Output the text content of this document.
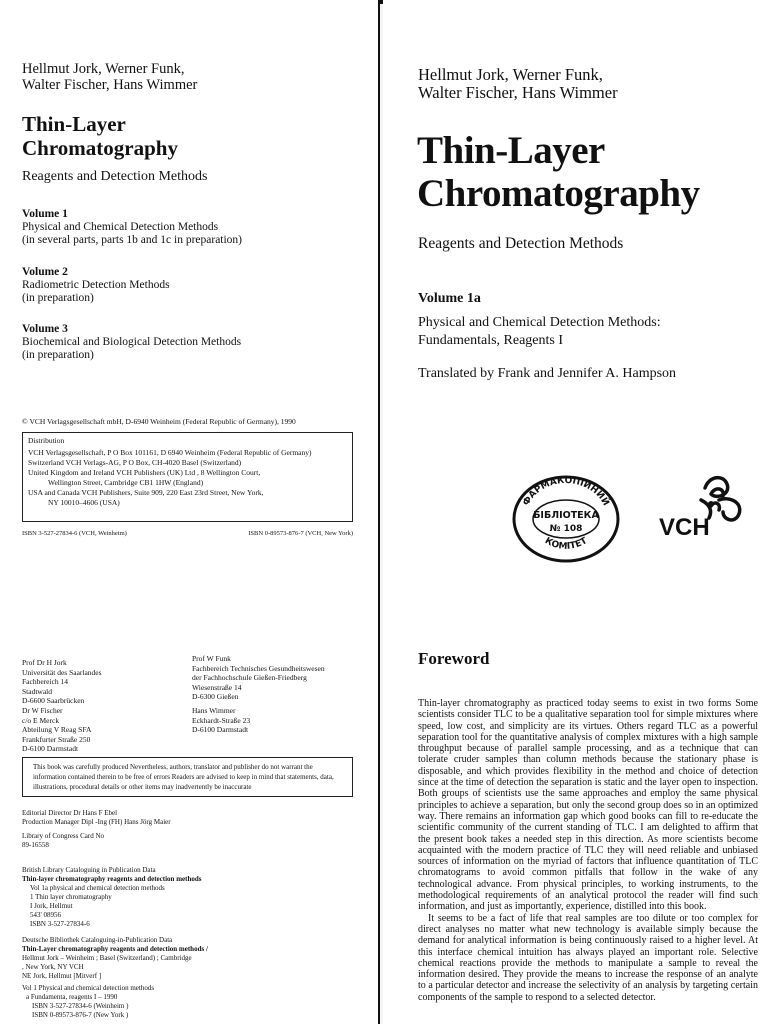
Hellmut Jork, Werner Funk,
Walter Fischer, Hans Wimmer
Thin-Layer
Chromatography
Reagents and Detection Methods
Volume 1
Physical and Chemical Detection Methods
(in several parts, parts 1b and 1c in preparation)
Volume 2
Radiometric Detection Methods
(in preparation)
Volume 3
Biochemical and Biological Detection Methods
(in preparation)
© VCH Verlagsgesellschaft mbH, D-6940 Weinheim (Federal Republic of Germany), 1990
Distribution
VCH Verlagsgesellschaft, P O Box 101161, D 6940 Weinheim (Federal Republic of Germany)
Switzerland VCH Verlags-AG, P O Box, CH-4020 Basel (Switzerland)
United Kingdom and Ireland VCH Publishers (UK) Ltd , 8 Wellington Court,
Wellington Street, Cambridge CB1 1HW (England)
USA and Canada VCH Publishers, Suite 909, 220 East 23rd Street, New York,
NY 10010–4606 (USA)
ISBN 3-527-27834-6 (VCH, Weinheim)	ISBN 0-89573-876-7 (VCH, New York)
Prof Dr H Jork
Universität des Saarlandes
Fachbereich 14
Stadtwald
D-6600 Saarbrücken
Prof W Funk
Fachbereich Technisches Gesundheitswesen
der Fachhochschule Gießen-Friedberg
Wiesenstraße 14
D-6300 Gießen
Dr W Fischer
c/o E Merck
Abteilung V Reag SFA
Frankfurter Straße 250
D-6100 Darmstadt
Hans Wimmer
Eckhardt-Straße 23
D-6100 Darmstadt
This book was carefully produced Nevertheless, authors, translator and publisher do not warrant the information contained therein to be free of errors Readers are advised to keep in mind that statements, data, illustrations, procedural details or other items may inadvertently be inaccurate
Editorial Director Dr Hans F Ebel
Production Manager Dipl -Ing (FH) Hans Jörg Maier
Library of Congress Card No
89-16558
British Library Cataloguing in Publication Data
Thin-layer chromatography reagents and detection methods
Vol 1a physical and chemical detection methods
1 Thin layer chromatography
I Jork, Hellmut
543' 08956
ISBN 3-527-27834-6
Deutsche Bibliothek Cataloguing-in-Publication Data
Thin-Layer chromatography reagents and detection methods /
Hellmut Jork – Weinheim ; Basel (Switzerland) ; Cambridge
, New York, NY VCH
NE Jork, Hellmut [Mitverf ]
Vol 1 Physical and chemical detection methods
a Fundamenta, reagents I – 1990
ISBN 3-527-27834-6 (Weinheim )
ISBN 0-89573-876-7 (New York )
Hellmut Jork, Werner Funk,
Walter Fischer, Hans Wimmer
Thin-Layer
Chromatography
Reagents and Detection Methods
Volume 1a
Physical and Chemical Detection Methods:
Fundamentals, Reagents I
Translated by Frank and Jennifer A. Hampson
ФАРМАКОПІЙНИЙ
КОМІТЕТ
БІБЛІОТЕКА
№ 108	VCH
Foreword

Thin-layer chromatography as practiced today seems to exist in two forms Some scientists consider TLC to be a qualitative separation tool for simple mixtures where speed, low cost, and simplicity are its virtues. Others regard TLC as a powerful separation tool for the quantitative analysis of complex mixtures with a high sample throughput because of parallel sample processing, and as a technique that can tolerate cruder samples than column methods because the stationary phase is disposable, and which provides flexibility in the method and choice of detection since at the time of detection the separation is static and the layer open to inspection. Both groups of scientists use the same approaches and employ the same physical principles to achieve a separation, but only the second group does so in an optimized way. There remains an information gap which good books can fill to re-educate the scientific community of the current standing of TLC. I am delighted to affirm that the present book takes a needed step in this direction. As more scientists become acquainted with the modern practice of TLC they will need reliable and unbiased sources of information on the myriad of factors that influence quantitation of TLC chromatograms to avoid common pitfalls that follow in the wake of any technological advance. From physical principles, to working instruments, to the methodological requirements of an analytical protocol the reader will find such information, and just as importantly, experience, distilled into this book.

It seems to be a fact of life that real samples are too dilute or too complex for direct analyses no matter what new technology is available simply because the demand for analytical information is being continuously raised to a higher level. At this interface chemical intuition has always played an important role. Selective chemical reactions provide the methods to manipulate a sample to reveal the information desired. They provide the means to increase the response of an analyte to a particular detector and increase the selectivity of an analysis by targeting certain components of the sample to respond to a selected detector.
